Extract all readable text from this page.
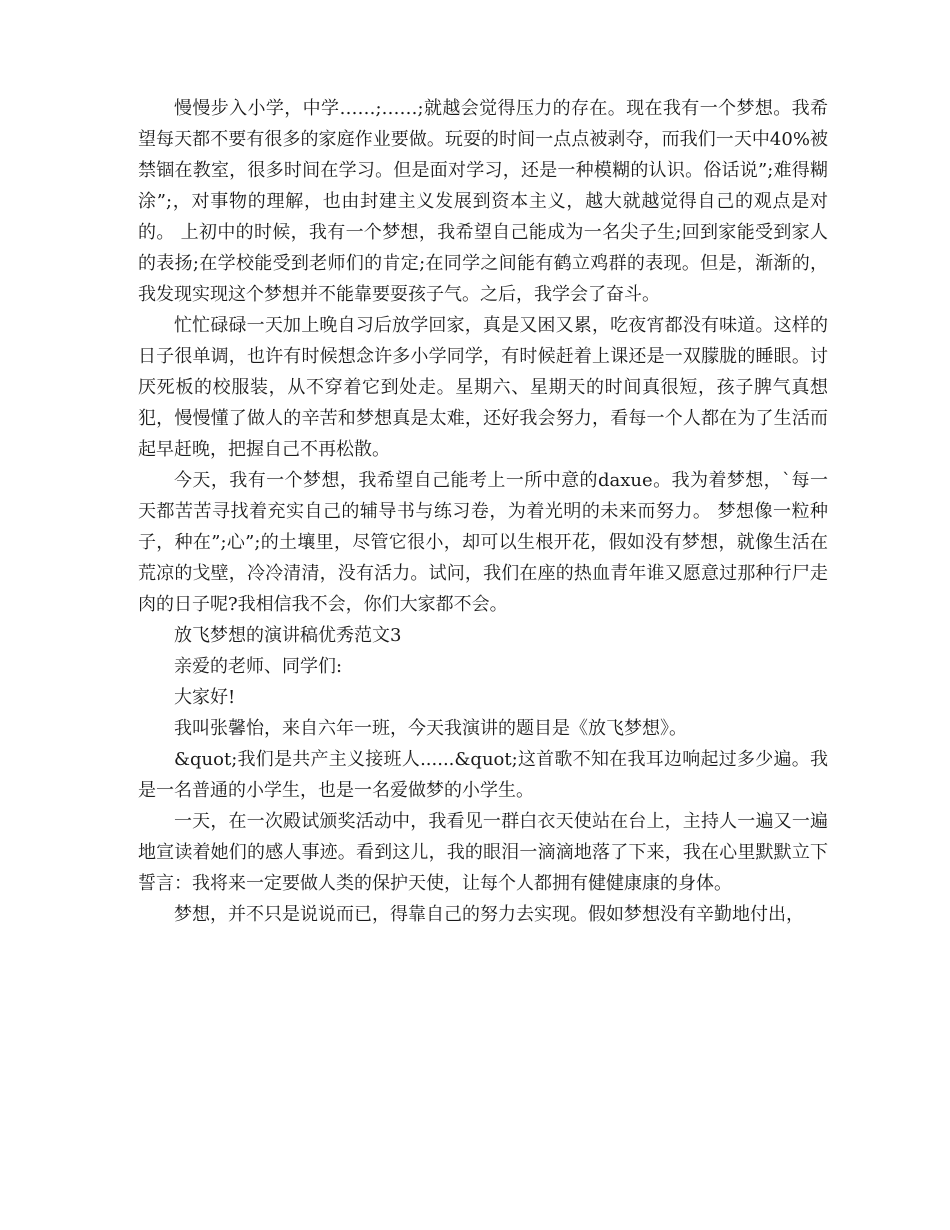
慢慢步入小学，中学……;……;就越会觉得压力的存在。现在我有一个梦想。我希望每天都不要有很多的家庭作业要做。玩耍的时间一点点被剥夺，而我们一天中40%被禁锢在教室，很多时间在学习。但是面对学习，还是一种模糊的认识。俗话说”;难得糊涂”;，对事物的理解，也由封建主义发展到资本主义，越大就越觉得自己的观点是对的。 上初中的时候，我有一个梦想，我希望自己能成为一名尖子生;回到家能受到家人的表扬;在学校能受到老师们的肯定;在同学之间能有鹤立鸡群的表现。但是，渐渐的，我发现实现这个梦想并不能靠要耍孩子气。之后，我学会了奋斗。

忙忙碌碌一天加上晚自习后放学回家，真是又困又累，吃夜宵都没有味道。这样的日子很单调，也许有时候想念许多小学同学，有时候赶着上课还是一双朦胧的睡眼。讨厌死板的校服装，从不穿着它到处走。星期六、星期天的时间真很短，孩子脾气真想犯，慢慢懂了做人的辛苦和梦想真是太难，还好我会努力，看每一个人都在为了生活而起早赶晚，把握自己不再松散。

今天，我有一个梦想，我希望自己能考上一所中意的daxue。我为着梦想，`每一天都苦苦寻找着充实自己的辅导书与练习卷，为着光明的未来而努力。 梦想像一粒种子，种在”;心”;的土壤里，尽管它很小，却可以生根开花，假如没有梦想，就像生活在荒凉的戈壁，冷冷清清，没有活力。试问，我们在座的热血青年谁又愿意过那种行尸走肉的日子呢?我相信我不会，你们大家都不会。

放飞梦想的演讲稿优秀范文3

亲爱的老师、同学们:

大家好!

我叫张馨怡，来自六年一班，今天我演讲的题目是《放飞梦想》。

&quot;我们是共产主义接班人......&quot;这首歌不知在我耳边响起过多少遍。我是一名普通的小学生，也是一名爱做梦的小学生。

一天，在一次殿试颁奖活动中，我看见一群白衣天使站在台上，主持人一遍又一遍地宣读着她们的感人事迹。看到这儿，我的眼泪一滴滴地落了下来，我在心里默默立下誓言：我将来一定要做人类的保护天使，让每个人都拥有健健康康的身体。

梦想，并不只是说说而已，得靠自己的努力去实现。假如梦想没有辛勤地付出，
